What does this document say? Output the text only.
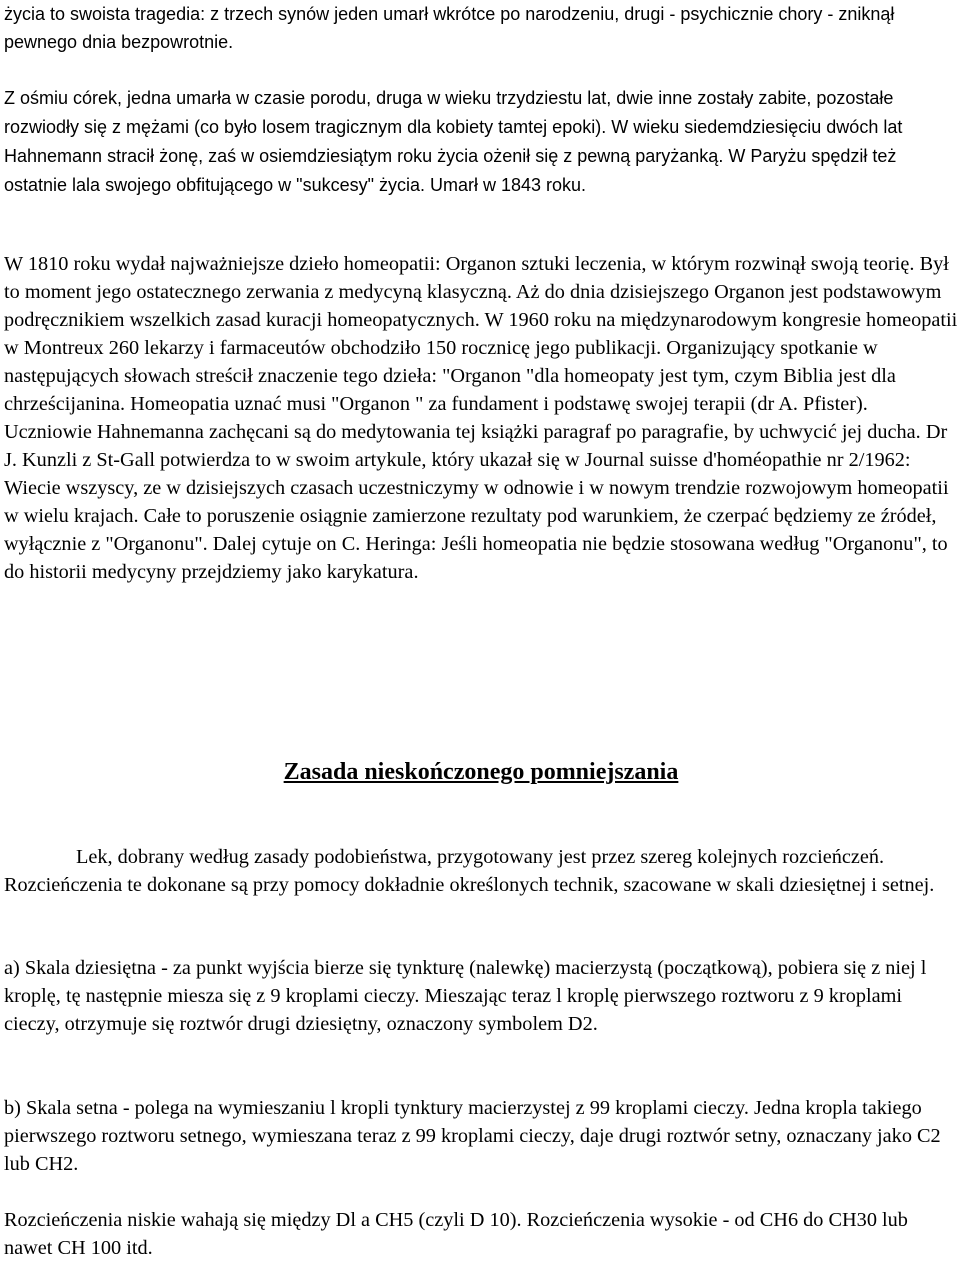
życia to swoista tragedia: z trzech synów jeden umarł wkrótce po narodzeniu, drugi - psychicznie chory - zniknął pewnego dnia bezpowrotnie.

Z ośmiu córek, jedna umarła w czasie porodu, druga w wieku trzydziestu lat, dwie inne zostały zabite, pozostałe rozwiodły się z mężami (co było losem tragicznym dla kobiety tamtej epoki). W wieku siedemdziesięciu dwóch lat Hahnemann stracił żonę, zaś w osiemdziesiątym roku życia ożenił się z pewną paryżanką. W Paryżu spędził też ostatnie lala swojego obfitującego w "sukcesy" życia. Umarł w 1843 roku.

W 1810 roku wydał najważniejsze dzieło homeopatii: Organon sztuki leczenia, w którym rozwinął swoją teorię. Był to moment jego ostatecznego zerwania z medycyną klasyczną. Aż do dnia dzisiejszego Organon jest podstawowym podręcznikiem wszelkich zasad kuracji homeopatycznych. W 1960 roku na międzynarodowym kongresie homeopatii w Montreux 260 lekarzy i farmaceutów obchodziło 150 rocznicę jego publikacji. Organizujący spotkanie w następujących słowach streścił znaczenie tego dzieła: "Organon "dla homeopaty jest tym, czym Biblia jest dla chrześcijanina. Homeopatia uznać musi "Organon " za fundament i podstawę swojej terapii (dr A. Pfister). Uczniowie Hahnemanna zachęcani są do medytowania tej książki paragraf po paragrafie, by uchwycić jej ducha. Dr J. Kunzli z St-Gall potwierdza to w swoim artykule, który ukazał się w Journal suisse d'homéopathie nr 2/1962: Wiecie wszyscy, ze w dzisiejszych czasach uczestniczymy w odnowie i w nowym trendzie rozwojowym homeopatii w wielu krajach. Całe to poruszenie osiągnie zamierzone rezultaty pod warunkiem, że czerpać będziemy ze źródeł, wyłącznie z "Organonu". Dalej cytuje on C. Heringa: Jeśli homeopatia nie będzie stosowana według "Organonu", to do historii medycyny przejdziemy jako karykatura.

Zasada nieskończonego pomniejszania

Lek, dobrany według zasady podobieństwa, przygotowany jest przez szereg kolejnych rozcieńczeń. Rozcieńczenia te dokonane są przy pomocy dokładnie określonych technik, szacowane w skali dziesiętnej i setnej.

a) Skala dziesiętna - za punkt wyjścia bierze się tynkturę (nalewkę) macierzystą (początkową), pobiera się z niej l kroplę, tę następnie miesza się z 9 kroplami cieczy. Mieszając teraz l kroplę pierwszego roztworu z 9 kroplami cieczy, otrzymuje się roztwór drugi dziesiętny, oznaczony symbolem D2.

b) Skala setna - polega na wymieszaniu l kropli tynktury macierzystej z 99 kroplami cieczy. Jedna kropla takiego pierwszego roztworu setnego, wymieszana teraz z 99 kroplami cieczy, daje drugi roztwór setny, oznaczany jako C2 lub CH2.

Rozcieńczenia niskie wahają się między Dl a CH5 (czyli D 10). Rozcieńczenia wysokie - od CH6 do CH30 lub nawet CH 100 itd.
